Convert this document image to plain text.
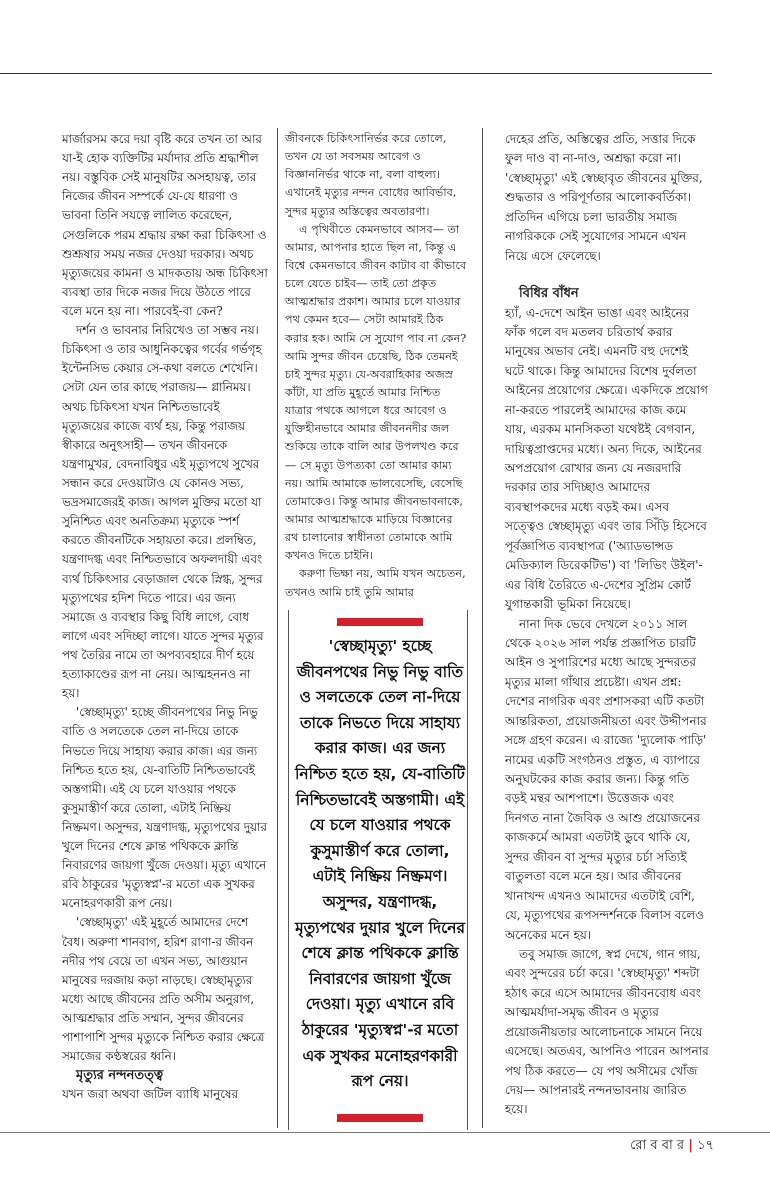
মার্জারসম করে দয়া বৃষ্টি করে তখন তা আর যা-ই হোক ব্যক্তিটির মর্যাদার প্রতি শ্রদ্ধাশীল নয়। বস্তুবিক সেই মানুষটির অসহায়ত্ব, তার নিজের জীবন সম্পর্কে যে-যে ধারণা ও ভাবনা তিনি সযত্নে লালিত করেছেন, সেগুলিকে পরম শ্রদ্ধায় রক্ষা করা চিকিৎসা ও শুশ্রূষার সময় নজর দেওয়া দরকার। অথচ মৃত্যুজয়ের কামনা ও মাদকতায় অন্ধ চিকিৎসা ব্যবস্থা তার দিকে নজর দিয়ে উঠতে পারে বলে মনে হয় না। পারবেই-বা কেন?

দর্শন ও ভাবনার নিরিখেও তা সম্ভব নয়। চিকিৎসা ও তার আধুনিকত্বের গর্বের গর্ভগৃহ ইন্টেনসিভ কেয়ার সে-কথা বলতে শেখেনি। সেটা যেন তার কাছে পরাজয়— গ্লানিময়। অথচ চিকিৎসা যখন নিশ্চিতভাবেই মৃত্যুজয়ের কাজে ব্যর্থ হয়, কিন্তু পরাজয় স্বীকারে অনুৎসাহী— তখন জীবনকে যন্ত্রণামুখর, বেদনাবিধুর এই মৃত্যুপথে সুখের সন্ধান করে দেওয়াটাও যে কোনও সভ্য, ভদ্রসমাজেরই কাজ। আগল মুক্তির মতো যা সুনিশ্চিত এবং অনতিক্রম্য মৃত্যুকে স্পর্শ করতে জীবনটিকে সহায়তা করে। প্রলম্বিত, যন্ত্রণাদগ্ধ এবং নিশ্চিতভাবে অফলদায়ী এবং ব্যর্থ চিকিৎসার বেড়াজাল থেকে স্নিগ্ধ, সুন্দর মৃত্যুপথের হদিশ দিতে পারে। এর জন্য সমাজে ও ব্যবস্থার কিছু বিধি লাগে, বোধ লাগে এবং সদিচ্ছা লাগে। যাতে সুন্দর মৃত্যুর পথ তৈরির নামে তা অপব্যবহারে দীর্ণ হয়ে হত্যাকাণ্ডের রূপ না নেয়। আত্মহননও না হয়।

'স্বেচ্ছামৃত্যু' হচ্ছে জীবনপথের নিভু নিভু বাতি ও সলতেকে তেল না-দিয়ে তাকে নিভতে দিয়ে সাহায্য করার কাজ। এর জন্য নিশ্চিত হতে হয়, যে-বাতিটি নিশ্চিতভাবেই অস্তগামী। এই যে চলে যাওয়ার পথকে কুসুমাস্তীর্ণ করে তোলা, এটাই নিষ্ক্রিয় নিষ্ক্রমণ। অসুন্দর, যন্ত্রণাদগ্ধ, মৃত্যুপথের দুয়ার খুলে দিনের শেষে ক্লান্ত পথিককে ক্লান্তি নিবারণের জায়গা খুঁজে দেওয়া। মৃত্যু এখানে রবি ঠাকুরের 'মৃত্যুস্বপ্ন'-র মতো এক সুখকর মনোহরণকারী রূপ নেয়।

'স্বেচ্ছামৃত্যু' এই মুহূর্তে আমাদের দেশে বৈধ। অরুণা শানবাগ, হরিশ রাণা-র জীবন নদীর পথ বেয়ে তা এখন সভ্য, আগুয়ান মানুষের দরজায় কড়া নাড়ছে। স্বেচ্ছামৃত্যুর মধ্যে আছে জীবনের প্রতি অসীম অনুরাগ, আত্মশ্রদ্ধার প্রতি সম্মান, সুন্দর জীবনের পাশাপাশি সুন্দর মৃত্যুকে নিশ্চিত করার ক্ষেত্রে সমাজের কণ্ঠস্বরের ধ্বনি।

মৃত্যুর নন্দনতত্ত্ব

যখন জরা অথবা জটিল ব্যাধি মানুষের

জীবনকে চিকিৎসানির্ভর করে তোলে, তখন যে তা সবসময় আবেগ ও বিজ্ঞাননির্ভর থাকে না, বলা বাহুল্য। এখানেই মৃত্যুর নন্দন বোধের আবির্ভাব, সুন্দর মৃত্যুর অস্তিত্বের অবতারণা।

এ পৃথিবীতে কেমনভাবে আসব— তা আমার, আপনার হাতে ছিল না, কিন্তু এ বিশ্বে কেমনভাবে জীবন কাটাব বা কীভাবে চলে যেতে চাইব— তাই তো প্রকৃত আত্মশ্রদ্ধার প্রকাশ। আমার চলে যাওয়ার পথ কেমন হবে— সেটা আমারই ঠিক করার হক। আমি সে সুযোগ পাব না কেন? আমি সুন্দর জীবন চেয়েছি, ঠিক তেমনই চাই সুন্দর মৃত্যু। যে-অবরাহিকার অজস্র কাঁটা, যা প্রতি মুহূর্তে আমার নিশ্চিত যাত্রার পথকে আগলে ধরে আবেগ ও যুক্তিহীনভাবে আমার জীবননদীর জল শুকিয়ে তাকে বালি আর উপলখণ্ড করে— সে মৃত্যু উপত্যকা তো আমার কাম্য নয়। আমি আমাকে ভালবেসেছি, বেসেছি তোমাকেও। কিন্তু আমার জীবনভাবনাকে, আমার আত্মশ্রদ্ধাকে মাড়িয়ে বিজ্ঞানের রথ চালানোর স্বাধীনতা তোমাকে আমি কখনও দিতে চাইনি।

করুণা ভিক্ষা নয়, আমি যখন অচেতন, তখনও আমি চাই তুমি আমার

'স্বেচ্ছামৃত্যু' হচ্ছে জীবনপথের নিভু নিভু বাতি ও সলতেকে তেল না-দিয়ে তাকে নিভতে দিয়ে সাহায্য করার কাজ। এর জন্য নিশ্চিত হতে হয়, যে-বাতিটি নিশ্চিতভাবেই অস্তগামী। এই যে চলে যাওয়ার পথকে কুসুমাস্তীর্ণ করে তোলা, এটাই নিষ্ক্রিয় নিষ্ক্রমণ। অসুন্দর, যন্ত্রণাদগ্ধ, মৃত্যুপথের দুয়ার খুলে দিনের শেষে ক্লান্ত পথিককে ক্লান্তি নিবারণের জায়গা খুঁজে দেওয়া। মৃত্যু এখানে রবি ঠাকুরের 'মৃত্যুস্বপ্ন'-র মতো এক সুখকর মনোহরণকারী রূপ নেয়।

দেহের প্রতি, অস্তিত্বের প্রতি, সত্তার দিকে ফুল দাও বা না-দাও, অশ্রদ্ধা করো না। 'স্বেচ্ছামৃত্যু' এই স্বেচ্ছাবৃত জীবনের মুক্তির, শুদ্ধতার ও পরিপূর্ণতার আলোকবর্তিকা। প্রতিদিন এগিয়ে চলা ভারতীয় সমাজ নাগরিককে সেই সুযোগের সামনে এখন নিয়ে এসে ফেলেছে।

বিধির বাঁধন

হ্যাঁ, এ-দেশে আইন ভাঙা এবং আইনের ফাঁক গলে বদ মতলব চরিতার্থ করার মানুষের অভাব নেই। এমনটি বহু দেশেই ঘটে থাকে। কিন্তু আমাদের বিশেষ দুর্বলতা আইনের প্রয়োগের ক্ষেত্রে। একদিকে প্রয়োগ না-করতে পারলেই আমাদের কাজ কমে যায়, এরকম মানসিকতা যথেষ্টই বেগবান, দায়িত্বপ্রাপ্তদের মধ্যে। অন্য দিকে, আইনের অপপ্রয়োগ রোখার জন্য যে নজরদারি দরকার তার সদিচ্ছাও আমাদের ব্যবস্থাপকদের মধ্যে বড়ই কম। এসব সত্ত্বেও স্বেচ্ছামৃত্যু এবং তার সিঁড়ি হিসেবে পূর্বজ্ঞাপিত ব্যবস্থাপত্র ('অ্যাডভান্সড মেডিক্যাল ডিরেকটিভ') বা 'লিভিং উইল'-এর বিধি তৈরিতে এ-দেশের সুপ্রিম কোর্ট যুগান্তকারী ভূমিকা নিয়েছে।

নানা দিক ভেবে দেখলে ২০১১ সাল থেকে ২০২৬ সাল পর্যন্ত প্রজ্ঞাপিত চারটি আইন ও সুপারিশের মধ্যে আছে সুন্দরতর মৃত্যুর মালা গাঁথার প্রচেষ্টা। এখন প্রশ্ন: দেশের নাগরিক এবং প্রশাসকরা এটি কতটা আন্তরিকতা, প্রয়োজনীয়তা এবং উদ্দীপনার সঙ্গে গ্রহণ করেন। এ রাজ্যে 'দ্যুলোক পাড়ি' নামের একটি সংগঠনও প্রস্তুত, এ ব্যাপারে অনুঘটকের কাজ করার জন্য। কিন্তু গতি বড়ই মন্থর আশপাশে। উত্তেজক এবং দিনগত নানা জৈবিক ও আশু প্রয়োজনের কাজকর্মে আমরা এতটাই ডুবে থাকি যে, সুন্দর জীবন বা সুন্দর মৃত্যুর চর্চা সত্যিই বাতুলতা বলে মনে হয়। আর জীবনের খানাখন্দ এখনও আমাদের এতটাই বেশি, যে, মৃত্যুপথের রূপসন্দর্শনকে বিলাস বলেও অনেকের মনে হয়।

তবু সমাজ জাগে, স্বপ্ন দেখে, গান গায়, এবং সুন্দরের চর্চা করে। 'স্বেচ্ছামৃত্যু' শব্দটা হঠাৎ করে এসে আমাদের জীবনবোধ এবং আত্মমর্যাদা-সমৃদ্ধ জীবন ও মৃত্যুর প্রয়োজনীয়তার আলোচনাকে সামনে নিয়ে এসেছে। অতএব, আপনিও পারেন আপনার পথ ঠিক করতে— যে পথ অসীমের খোঁজ দেয়— আপনারই নন্দনভাবনায় জারিত হয়ে।

রো ব বা র | ১৭
